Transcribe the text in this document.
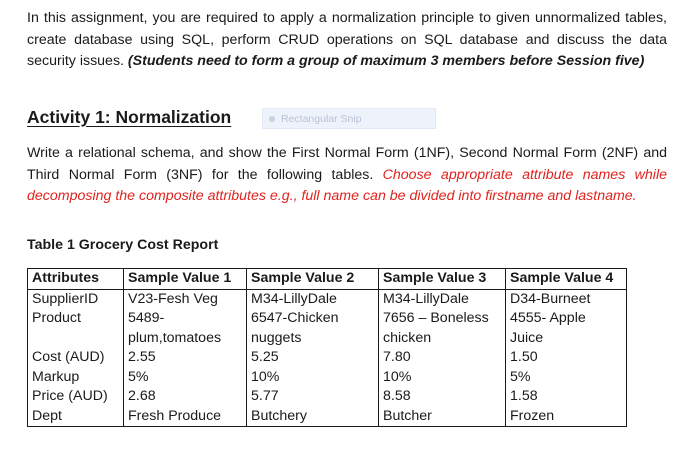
In this assignment, you are required to apply a normalization principle to given unnormalized tables, create database using SQL, perform CRUD operations on SQL database and discuss the data security issues. (Students need to form a group of maximum 3 members before Session five)
Activity 1: Normalization	Rectangular Snip
Write a relational schema, and show the First Normal Form (1NF), Second Normal Form (2NF) and Third Normal Form (3NF) for the following tables. Choose appropriate attribute names while decomposing the composite attributes e.g., full name can be divided into firstname and lastname.
Table 1 Grocery Cost Report
Attributes	Sample Value 1	Sample Value 2	Sample Value 3	Sample Value 4
SupplierID	V23-Fesh Veg	M34-LillyDale	M34-LillyDale	D34-Burneet
Product	5489-	6547-Chicken	7656 – Boneless	4555- Apple
	plum,tomatoes	nuggets	chicken	Juice
Cost (AUD)	2.55	5.25	7.80	1.50
Markup	5%	10%	10%	5%
Price (AUD)	2.68	5.77	8.58	1.58
Dept	Fresh Produce	Butchery	Butcher	Frozen
